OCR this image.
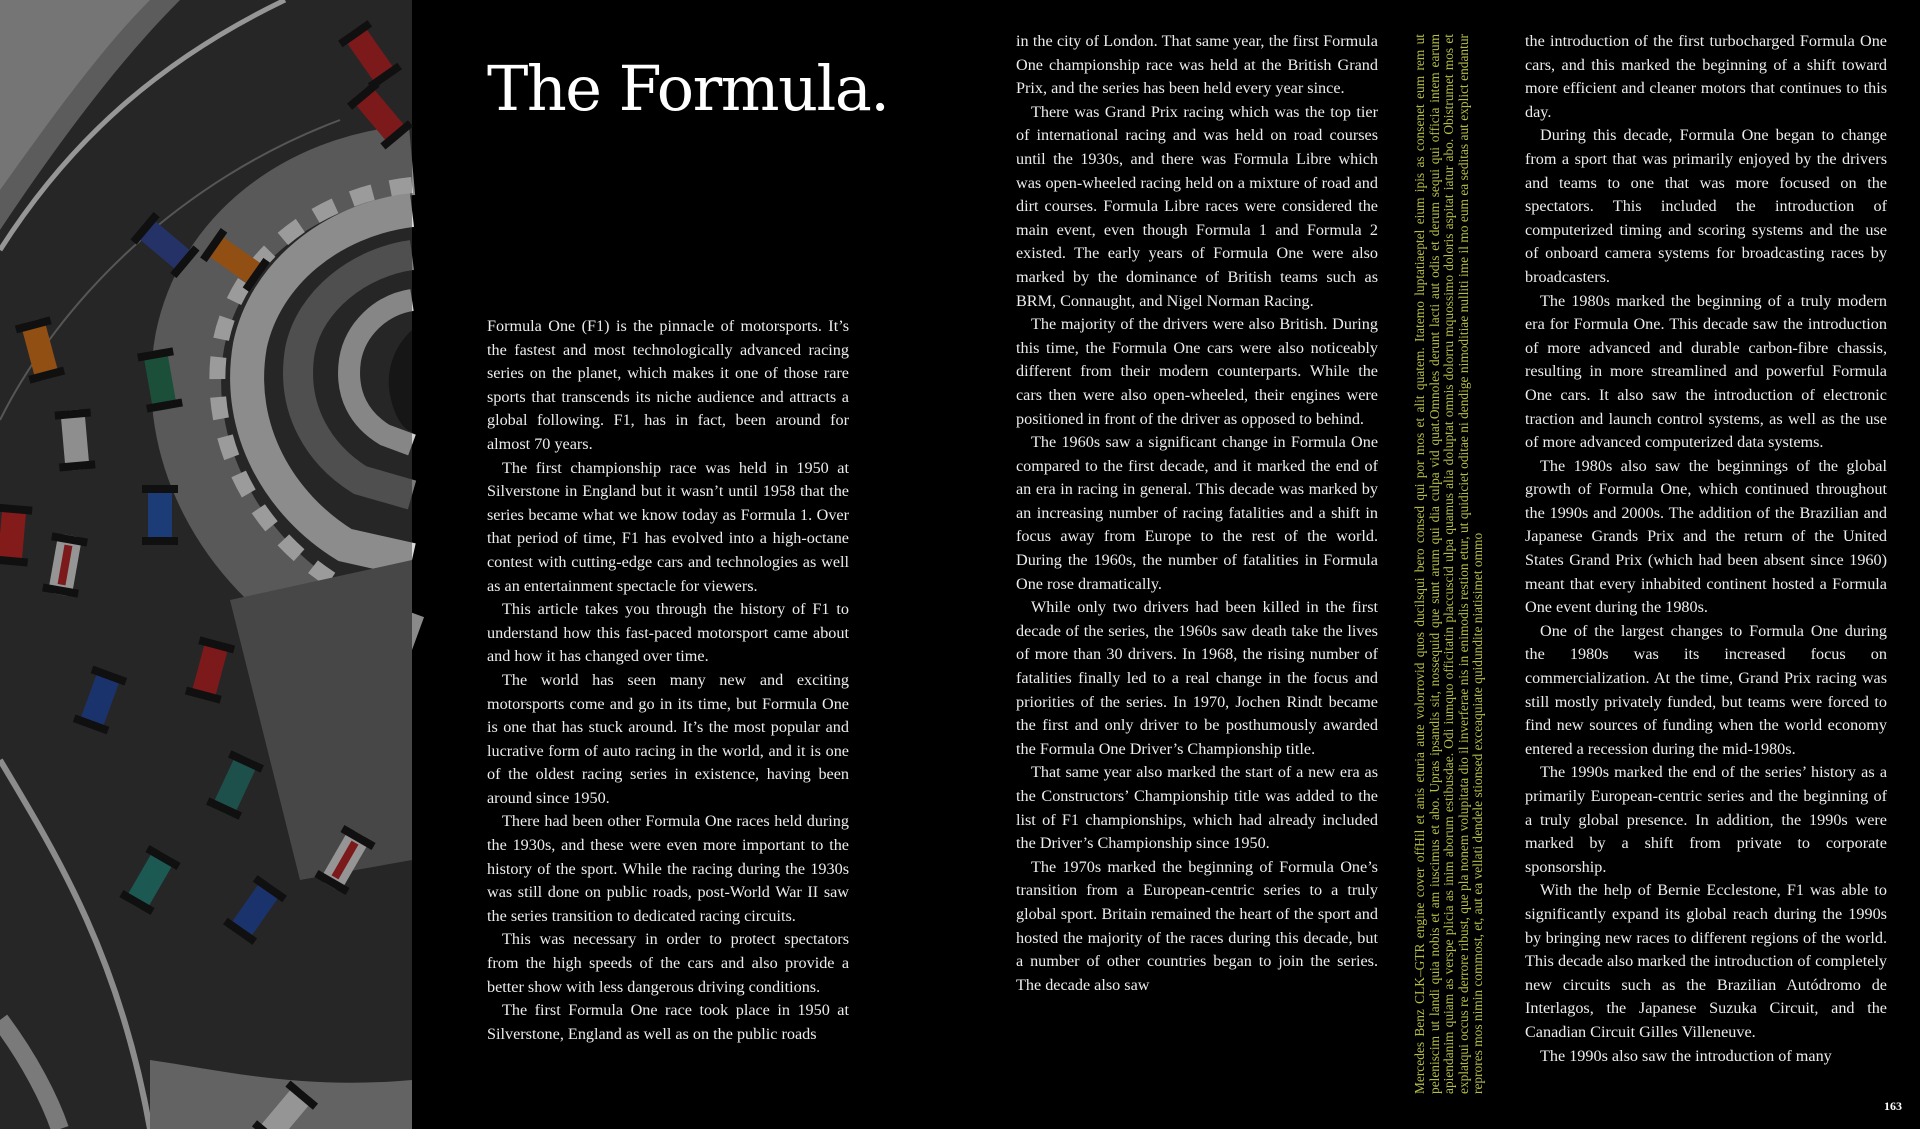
The Formula.

Formula One (F1) is the pinnacle of motorsports. It’s the fastest and most technologically advanced racing series on the planet, which makes it one of those rare sports that transcends its niche audience and attracts a global following. F1, has in fact, been around for almost 70 years.

The first championship race was held in 1950 at Silverstone in England but it wasn’t until 1958 that the series became what we know today as Formula 1. Over that period of time, F1 has evolved into a high-octane contest with cutting-edge cars and technologies as well as an entertainment spectacle for viewers.

This article takes you through the history of F1 to understand how this fast-paced motorsport came about and how it has changed over time.

The world has seen many new and exciting motorsports come and go in its time, but Formula One is one that has stuck around. It’s the most popular and lucrative form of auto racing in the world, and it is one of the oldest racing series in existence, having been around since 1950.

There had been other Formula One races held during the 1930s, and these were even more important to the history of the sport. While the racing during the 1930s was still done on public roads, post-World War II saw the series transition to dedicated racing circuits.

This was necessary in order to protect spectators from the high speeds of the cars and also provide a better show with less dangerous driving conditions.

The first Formula One race took place in 1950 at Silverstone, England as well as on the public roads

in the city of London. That same year, the first Formula One championship race was held at the British Grand Prix, and the series has been held every year since.

There was Grand Prix racing which was the top tier of international racing and was held on road courses until the 1930s, and there was Formula Libre which was open-wheeled racing held on a mixture of road and dirt courses. Formula Libre races were considered the main event, even though Formula 1 and Formula 2 existed. The early years of Formula One were also marked by the dominance of British teams such as BRM, Connaught, and Nigel Norman Racing.

The majority of the drivers were also British. During this time, the Formula One cars were also noticeably different from their modern counterparts. While the cars then were also open-wheeled, their engines were positioned in front of the driver as opposed to behind.

The 1960s saw a significant change in Formula One compared to the first decade, and it marked the end of an era in racing in general. This decade was marked by an increasing number of racing fatalities and a shift in focus away from Europe to the rest of the world. During the 1960s, the number of fatalities in Formula One rose dramatically.

While only two drivers had been killed in the first decade of the series, the 1960s saw death take the lives of more than 30 drivers. In 1968, the rising number of fatalities finally led to a real change in the focus and priorities of the series. In 1970, Jochen Rindt became the first and only driver to be posthumously awarded the Formula One Driver’s Championship title.

That same year also marked the start of a new era as the Constructors’ Championship title was added to the list of F1 championships, which had already included the Driver’s Championship since 1950.

The 1970s marked the beginning of Formula One’s transition from a European-centric series to a truly global sport. Britain remained the heart of the sport and hosted the majority of the races during this decade, but a number of other countries began to join the series. The decade also saw	Mercedes Benz CLK–GTR engine cover offHil et anis eturia aute volorrovid quos ducilsqui bero consed qui por mos et alit quatem. Itatemo luptatiaeptel eium ipis as consenet eum rem ut peleniscim ut landi quia nobis et am iuscimus et abo. Upras ipsandis sit, nossequid que sunt arum qui dia culpa vid quat.Omnoles derunt lacti aut odis et derum sequi qui officia intem earum apiendanim quiam as verspe plicia as inim aborum estibusdae. Odi iumquo officitatin placcuscid ulpa quamus alia doluptat omnis dolorru mquossimo doloris aspitat iatur abo. Obistrumet mos et explatqui occus re derrore ribust, que pla nonem volupitata dio il inverferae nis in enimodis restion etur, ut quidiciet oditae ni dendige nimoditiae nulliti ime il mo eum ea seditas aut explict endantur reprores mos nimin commost, et, aut ea vellati dendele stionsed exceaquiate quidundite niatisimet ommo

the introduction of the first turbocharged Formula One cars, and this marked the beginning of a shift toward more efficient and cleaner motors that continues to this day.

During this decade, Formula One began to change from a sport that was primarily enjoyed by the drivers and teams to one that was more focused on the spectators. This included the introduction of computerized timing and scoring systems and the use of onboard camera systems for broadcasting races by broadcasters.

The 1980s marked the beginning of a truly modern era for Formula One. This decade saw the introduction of more advanced and durable carbon-fibre chassis, resulting in more streamlined and powerful Formula One cars. It also saw the introduction of electronic traction and launch control systems, as well as the use of more advanced computerized data systems.

The 1980s also saw the beginnings of the global growth of Formula One, which continued throughout the 1990s and 2000s. The addition of the Brazilian and Japanese Grands Prix and the return of the United States Grand Prix (which had been absent since 1960) meant that every inhabited continent hosted a Formula One event during the 1980s.

One of the largest changes to Formula One during the 1980s was its increased focus on commercialization. At the time, Grand Prix racing was still mostly privately funded, but teams were forced to find new sources of funding when the world economy entered a recession during the mid-1980s.

The 1990s marked the end of the series’ history as a primarily European-centric series and the beginning of a truly global presence. In addition, the 1990s were marked by a shift from private to corporate sponsorship.

With the help of Bernie Ecclestone, F1 was able to significantly expand its global reach during the 1990s by bringing new races to different regions of the world. This decade also marked the introduction of completely new circuits such as the Brazilian Autódromo de Interlagos, the Japanese Suzuka Circuit, and the Canadian Circuit Gilles Villeneuve.

The 1990s also saw the introduction of many

163
